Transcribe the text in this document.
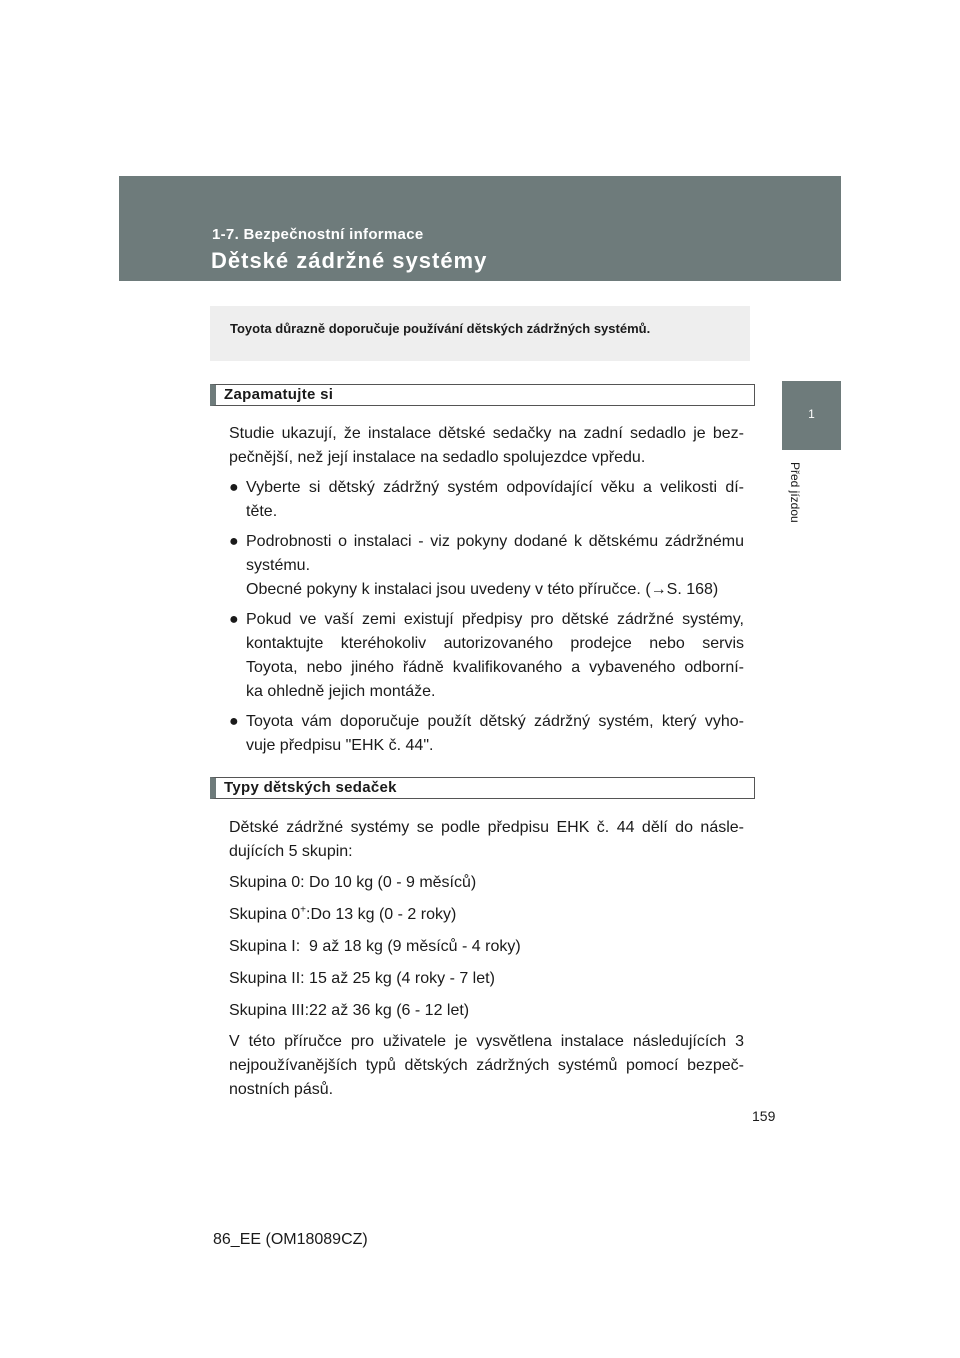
1-7. Bezpečnostní informace

Dětské zádržné systémy
1
Před jízdou

Toyota důrazně doporučuje používání dětských zádržných systémů.

Zapamatujte si

Studie ukazují, že instalace dětské sedačky na zadní sedadlo je bez-

pečnější, než její instalace na sedadlo spolujezdce vpředu.

● Vyberte si dětský zádržný systém odpovídající věku a velikosti dí-

těte.

● Podrobnosti o instalaci - viz pokyny dodané k dětskému zádržnému

systému.

Obecné pokyny k instalaci jsou uvedeny v této příručce. (→S. 168)

● Pokud ve vaší zemi existují předpisy pro dětské zádržné systémy,

kontaktujte kteréhokoliv autorizovaného prodejce nebo servis

Toyota, nebo jiného řádně kvalifikovaného a vybaveného odborní-

ka ohledně jejich montáže.

● Toyota vám doporučuje použít dětský zádržný systém, který vyho-

vuje předpisu "EHK č. 44".

Typy dětských sedaček

Dětské zádržné systémy se podle předpisu EHK č. 44 dělí do násle-

dujících 5 skupin:

Skupina 0: Do 10 kg (0 - 9 měsíců)

Skupina 0+:Do 13 kg (0 - 2 roky)

Skupina I:  9 až 18 kg (9 měsíců - 4 roky)

Skupina II: 15 až 25 kg (4 roky - 7 let)

Skupina III:22 až 36 kg (6 - 12 let)

V této příručce pro uživatele je vysvětlena instalace následujících 3

nejpoužívanějších typů dětských zádržných systémů pomocí bezpeč-

nostních pásů.

159
86_EE (OM18089CZ)
